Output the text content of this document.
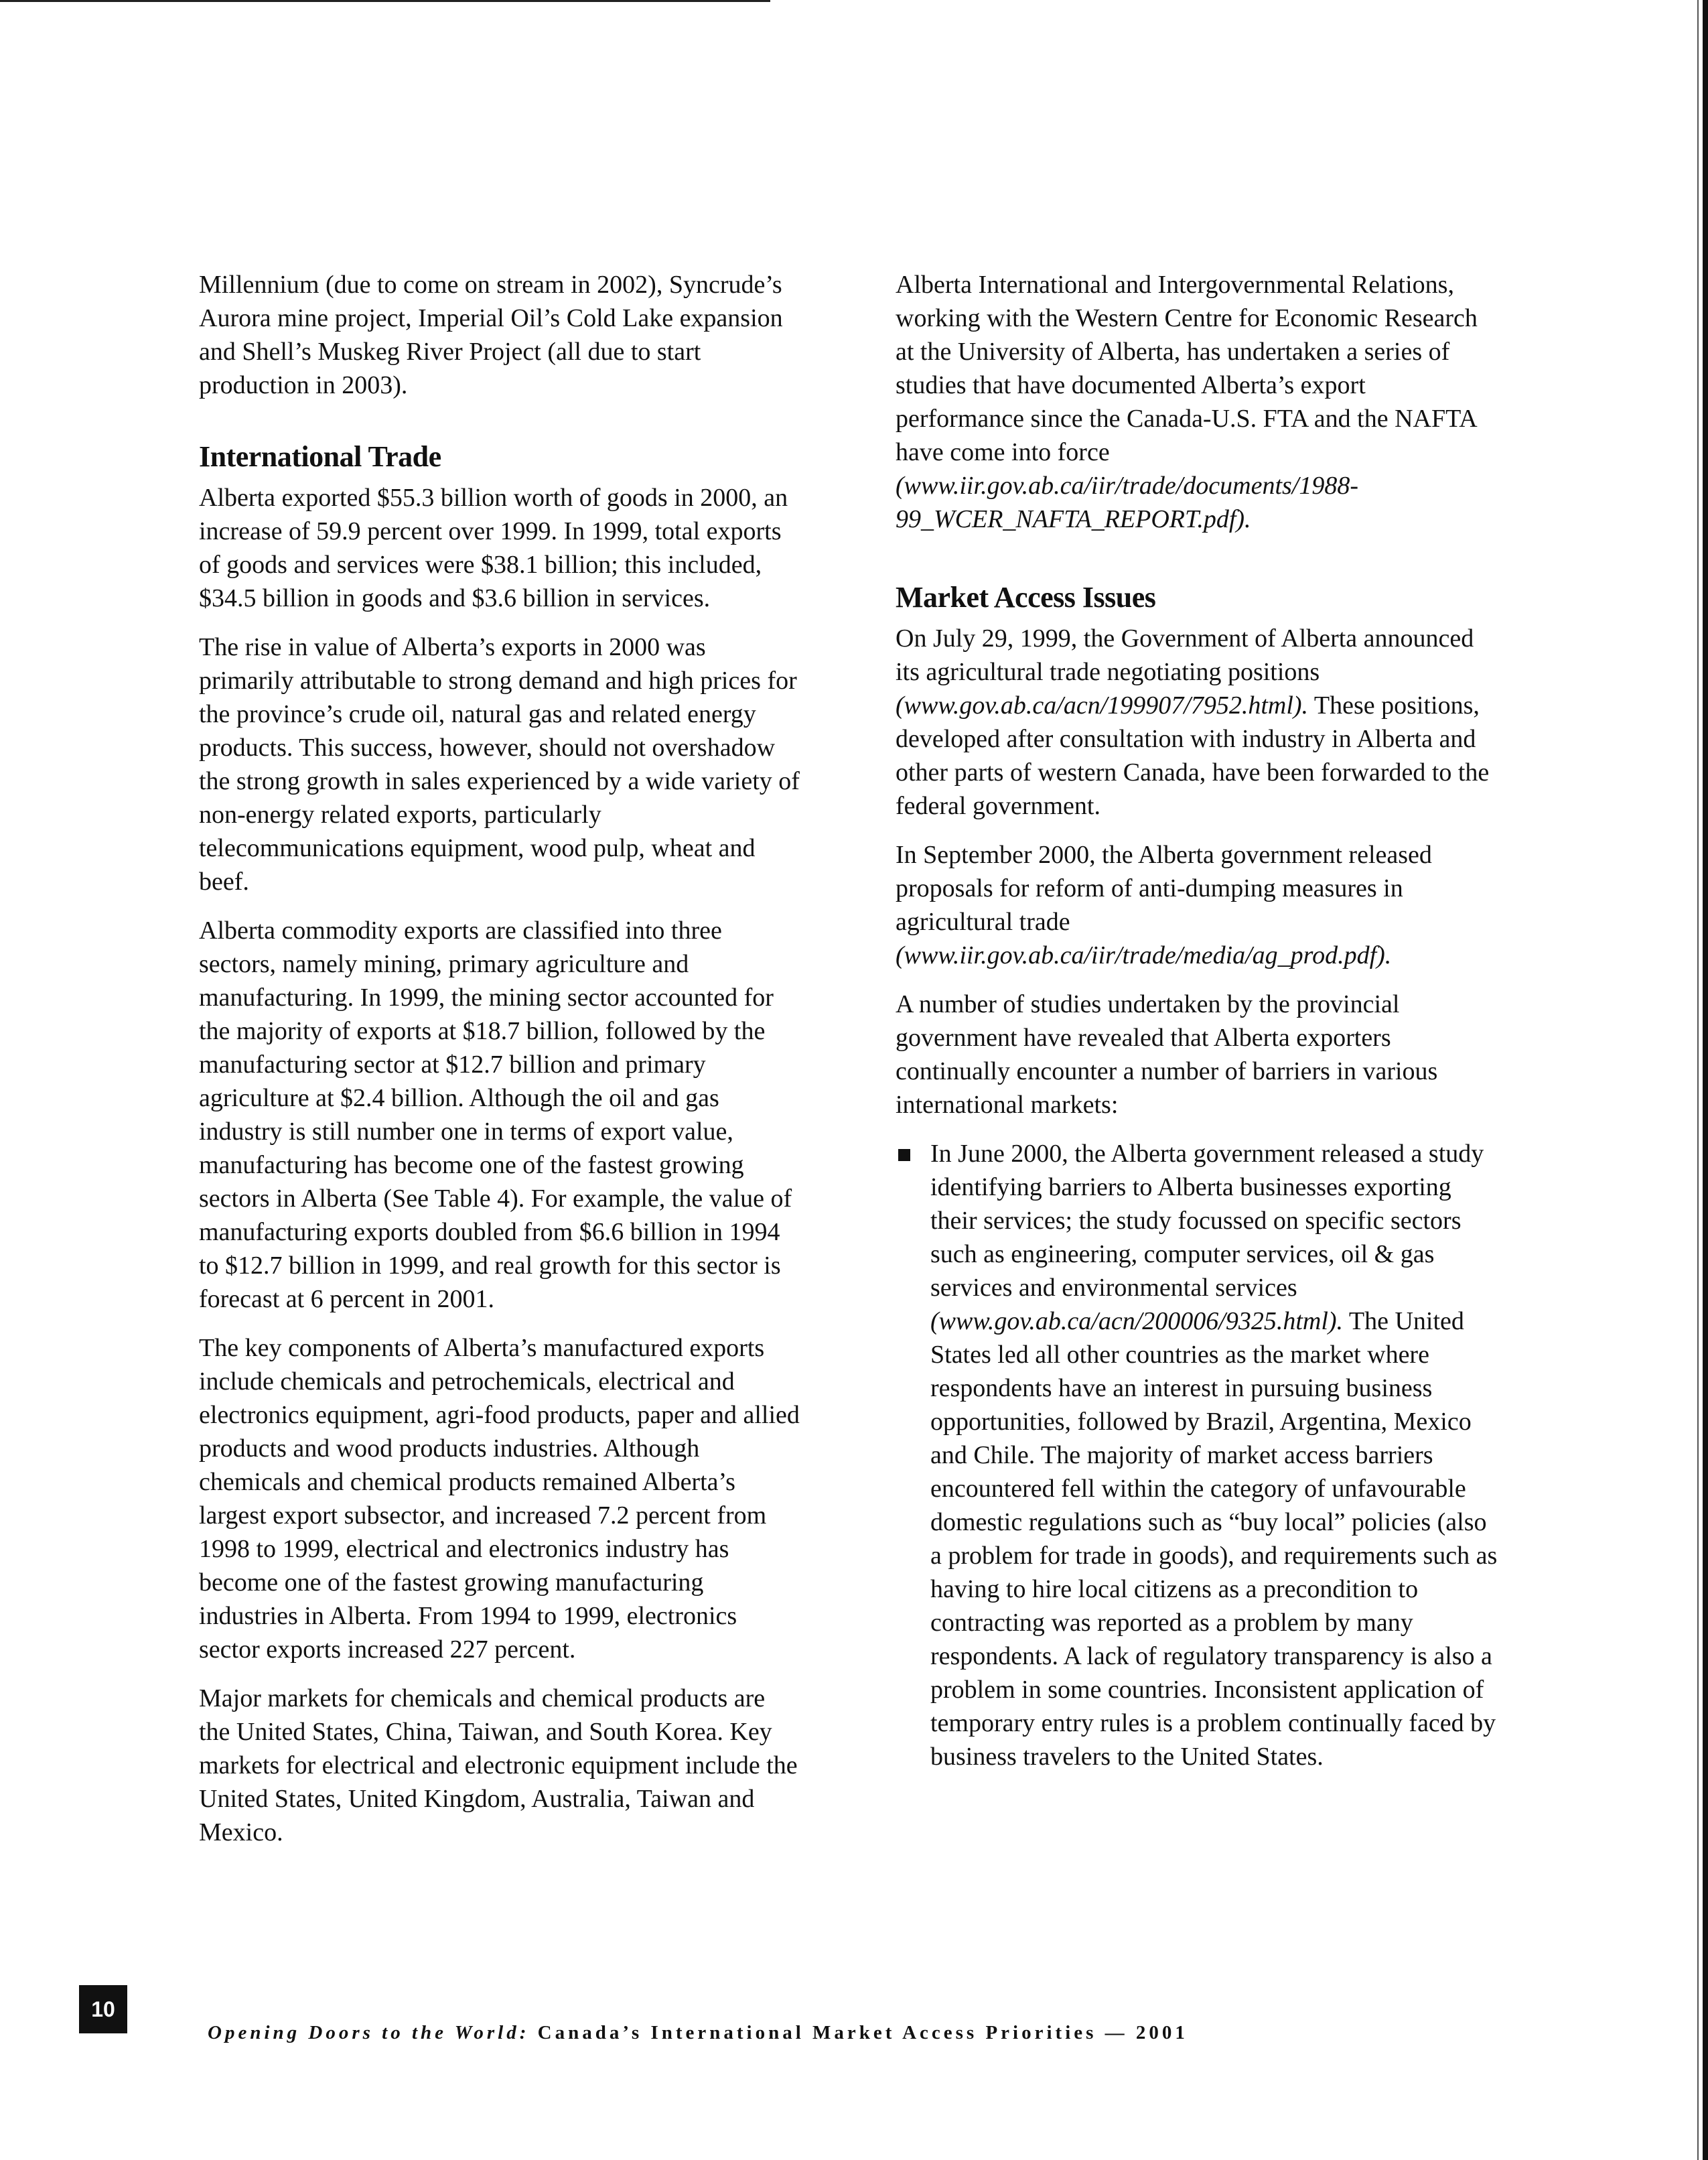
Millennium (due to come on stream in 2002), Syncrude’s Aurora mine project, Imperial Oil’s Cold Lake expansion and Shell’s Muskeg River Project (all due to start production in 2003).

International Trade

Alberta exported $55.3 billion worth of goods in 2000, an increase of 59.9 percent over 1999. In 1999, total exports of goods and services were $38.1 billion; this included, $34.5 billion in goods and $3.6 billion in services.

The rise in value of Alberta’s exports in 2000 was primarily attributable to strong demand and high prices for the province’s crude oil, natural gas and related energy products. This success, however, should not overshadow the strong growth in sales experienced by a wide variety of non-energy related exports, particularly telecommunications equipment, wood pulp, wheat and beef.

Alberta commodity exports are classified into three sectors, namely mining, primary agriculture and manufacturing. In 1999, the mining sector accounted for the majority of exports at $18.7 billion, followed by the manufacturing sector at $12.7 billion and primary agriculture at $2.4 billion. Although the oil and gas industry is still number one in terms of export value, manufacturing has become one of the fastest growing sectors in Alberta (See Table 4). For example, the value of manufacturing exports doubled from $6.6 billion in 1994 to $12.7 billion in 1999, and real growth for this sector is forecast at 6 percent in 2001.

The key components of Alberta’s manufactured exports include chemicals and petrochemicals, electrical and electronics equipment, agri-food products, paper and allied products and wood products industries. Although chemicals and chemical products remained Alberta’s largest export subsector, and increased 7.2 percent from 1998 to 1999, electrical and electronics industry has become one of the fastest growing manufacturing industries in Alberta. From 1994 to 1999, electronics sector exports increased 227 percent.

Major markets for chemicals and chemical products are the United States, China, Taiwan, and South Korea. Key markets for electrical and electronic equipment include the United States, United Kingdom, Australia, Taiwan and Mexico.

Alberta International and Intergovernmental Relations, working with the Western Centre for Economic Research at the University of Alberta, has undertaken a series of studies that have documented Alberta’s export performance since the Canada-U.S. FTA and the NAFTA have come into force (www.iir.gov.ab.ca/iir/trade/documents/1988-99_WCER_NAFTA_REPORT.pdf).

Market Access Issues

On July 29, 1999, the Government of Alberta announced its agricultural trade negotiating positions (www.gov.ab.ca/acn/199907/7952.html). These positions, developed after consultation with industry in Alberta and other parts of western Canada, have been forwarded to the federal government.

In September 2000, the Alberta government released proposals for reform of anti-dumping measures in agricultural trade (www.iir.gov.ab.ca/iir/trade/media/ag_prod.pdf).

A number of studies undertaken by the provincial government have revealed that Alberta exporters continually encounter a number of barriers in various international markets:

In June 2000, the Alberta government released a study identifying barriers to Alberta businesses exporting their services; the study focussed on specific sectors such as engineering, computer services, oil & gas services and environmental services (www.gov.ab.ca/acn/200006/9325.html). The United States led all other countries as the market where respondents have an interest in pursuing business opportunities, followed by Brazil, Argentina, Mexico and Chile. The majority of market access barriers encountered fell within the category of unfavourable domestic regulations such as “buy local” policies (also a problem for trade in goods), and requirements such as having to hire local citizens as a precondition to contracting was reported as a problem by many respondents. A lack of regulatory transparency is also a problem in some countries. Inconsistent application of temporary entry rules is a problem continually faced by business travelers to the United States.
10
Opening Doors to the World: Canada’s International Market Access Priorities — 2001
